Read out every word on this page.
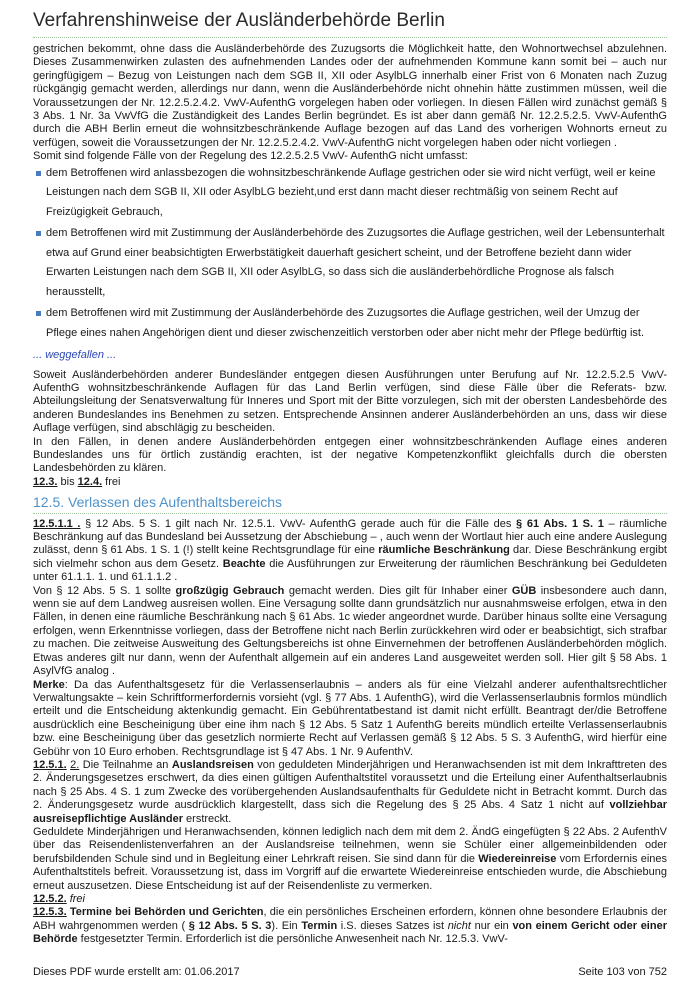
Verfahrenshinweise der Ausländerbehörde Berlin

gestrichen bekommt, ohne dass die Ausländerbehörde des Zuzugsorts die Möglichkeit hatte, den Wohnortwechsel abzulehnen. Dieses Zusammenwirken zulasten des aufnehmenden Landes oder der aufnehmenden Kommune kann somit bei – auch nur geringfügigem – Bezug von Leistungen nach dem SGB II, XII oder AsylbLG innerhalb einer Frist von 6 Monaten nach Zuzug rückgängig gemacht werden, allerdings nur dann, wenn die Ausländerbehörde nicht ohnehin hätte zustimmen müssen, weil die Voraussetzungen der Nr. 12.2.5.2.4.2. VwV-AufenthG vorgelegen haben oder vorliegen. In diesen Fällen wird zunächst gemäß § 3 Abs. 1 Nr. 3a VwVfG die Zuständigkeit des Landes Berlin begründet. Es ist aber dann gemäß Nr. 12.2.5.2.5. VwV-AufenthG durch die ABH Berlin erneut die wohnsitzbeschränkende Auflage bezogen auf das Land des vorherigen Wohnorts erneut zu verfügen, soweit die Voraussetzungen der Nr. 12.2.5.2.4.2. VwV-AufenthG nicht vorgelegen haben oder nicht vorliegen .

Somit sind folgende Fälle von der Regelung des 12.2.5.2.5 VwV- AufenthG nicht umfasst:

dem Betroffenen wird anlassbezogen die wohnsitzbeschränkende Auflage gestrichen oder sie wird nicht verfügt, weil er keine Leistungen nach dem SGB II, XII oder AsylbLG bezieht,und erst dann macht dieser rechtmäßig von seinem Recht auf Freizügigkeit Gebrauch,
dem Betroffenen wird mit Zustimmung der Ausländerbehörde des Zuzugsortes die Auflage gestrichen, weil der Lebensunterhalt etwa auf Grund einer beabsichtigten Erwerbstätigkeit dauerhaft gesichert scheint, und der Betroffene bezieht dann wider Erwarten Leistungen nach dem SGB II, XII oder AsylbLG, so dass sich die ausländerbehördliche Prognose als falsch herausstellt,
dem Betroffenen wird mit Zustimmung der Ausländerbehörde des Zuzugsortes die Auflage gestrichen, weil der Umzug der Pflege eines nahen Angehörigen dient und dieser zwischenzeitlich verstorben oder aber nicht mehr der Pflege bedürftig ist.
... weggefallen ...

Soweit Ausländerbehörden anderer Bundesländer entgegen diesen Ausführungen unter Berufung auf Nr. 12.2.5.2.5 VwV-AufenthG wohnsitzbeschränkende Auflagen für das Land Berlin verfügen, sind diese Fälle über die Referats- bzw. Abteilungsleitung der Senatsverwaltung für Inneres und Sport mit der Bitte vorzulegen, sich mit der obersten Landesbehörde des anderen Bundeslandes ins Benehmen zu setzen. Entsprechende Ansinnen anderer Ausländerbehörden an uns, dass wir diese Auflage verfügen, sind abschlägig zu bescheiden.

In den Fällen, in denen andere Ausländerbehörden entgegen einer wohnsitzbeschränkenden Auflage eines anderen Bundeslandes uns für örtlich zuständig erachten, ist der negative Kompetenzkonflikt gleichfalls durch die obersten Landesbehörden zu klären.

12.3. bis 12.4. frei

12.5. Verlassen des Aufenthaltsbereichs

12.5.1.1 . § 12 Abs. 5 S. 1 gilt nach Nr. 12.5.1. VwV- AufenthG gerade auch für die Fälle des § 61 Abs. 1 S. 1 – räumliche Beschränkung auf das Bundesland bei Aussetzung der Abschiebung – , auch wenn der Wortlaut hier auch eine andere Auslegung zulässt, denn § 61 Abs. 1 S. 1 (!) stellt keine Rechtsgrundlage für eine räumliche Beschränkung dar. Diese Beschränkung ergibt sich vielmehr schon aus dem Gesetz. Beachte die Ausführungen zur Erweiterung der räumlichen Beschränkung bei Geduldeten unter 61.1.1. 1. und 61.1.1.2 .

Von § 12 Abs. 5 S. 1 sollte großzügig Gebrauch gemacht werden. Dies gilt für Inhaber einer GÜB insbesondere auch dann, wenn sie auf dem Landweg ausreisen wollen. Eine Versagung sollte dann grundsätzlich nur ausnahmsweise erfolgen, etwa in den Fällen, in denen eine räumliche Beschränkung nach § 61 Abs. 1c wieder angeordnet wurde. Darüber hinaus sollte eine Versagung erfolgen, wenn Erkenntnisse vorliegen, dass der Betroffene nicht nach Berlin zurückkehren wird oder er beabsichtigt, sich strafbar zu machen. Die zeitweise Ausweitung des Geltungsbereichs ist ohne Einvernehmen der betroffenen Ausländerbehörden möglich. Etwas anderes gilt nur dann, wenn der Aufenthalt allgemein auf ein anderes Land ausgeweitet werden soll. Hier gilt § 58 Abs. 1 AsylVfG analog .

Merke: Da das Aufenthaltsgesetz für die Verlassenserlaubnis – anders als für eine Vielzahl anderer aufenthaltsrechtlicher Verwaltungsakte – kein Schriftformerfordernis vorsieht (vgl. § 77 Abs. 1 AufenthG), wird die Verlassenserlaubnis formlos mündlich erteilt und die Entscheidung aktenkundig gemacht. Ein Gebührentatbestand ist damit nicht erfüllt. Beantragt der/die Betroffene ausdrücklich eine Bescheinigung über eine ihm nach § 12 Abs. 5 Satz 1 AufenthG bereits mündlich erteilte Verlassenserlaubnis bzw. eine Bescheinigung über das gesetzlich normierte Recht auf Verlassen gemäß § 12 Abs. 5 S. 3 AufenthG, wird hierfür eine Gebühr von 10 Euro erhoben. Rechtsgrundlage ist § 47 Abs. 1 Nr. 9 AufenthV.

12.5.1. 2. Die Teilnahme an Auslandsreisen von geduldeten Minderjährigen und Heranwachsenden ist mit dem Inkrafttreten des 2. Änderungsgesetzes erschwert, da dies einen gültigen Aufenthaltstitel voraussetzt und die Erteilung einer Aufenthaltserlaubnis nach § 25 Abs. 4 S. 1 zum Zwecke des vorübergehenden Auslandsaufenthalts für Geduldete nicht in Betracht kommt. Durch das 2. Änderungsgesetz wurde ausdrücklich klargestellt, dass sich die Regelung des § 25 Abs. 4 Satz 1 nicht auf vollziehbar ausreisepflichtige Ausländer erstreckt.

Geduldete Minderjährigen und Heranwachsenden, können lediglich nach dem mit dem 2. ÄndG eingefügten § 22 Abs. 2 AufenthV über das Reisendenlistenverfahren an der Auslandsreise teilnehmen, wenn sie Schüler einer allgemeinbildenden oder berufsbildenden Schule sind und in Begleitung einer Lehrkraft reisen. Sie sind dann für die Wiedereinreise vom Erfordernis eines Aufenthaltstitels befreit. Voraussetzung ist, dass im Vorgriff auf die erwartete Wiedereinreise entschieden wurde, die Abschiebung erneut auszusetzen. Diese Entscheidung ist auf der Reisendenliste zu vermerken.

12.5.2. frei

12.5.3. Termine bei Behörden und Gerichten, die ein persönliches Erscheinen erfordern, können ohne besondere Erlaubnis der ABH wahrgenommen werden ( § 12 Abs. 5 S. 3). Ein Termin i.S. dieses Satzes ist nicht nur ein von einem Gericht oder einer Behörde festgesetzter Termin. Erforderlich ist die persönliche Anwesenheit nach Nr. 12.5.3. VwV-

Dieses PDF wurde erstellt am: 01.06.2017	Seite 103 von 752
